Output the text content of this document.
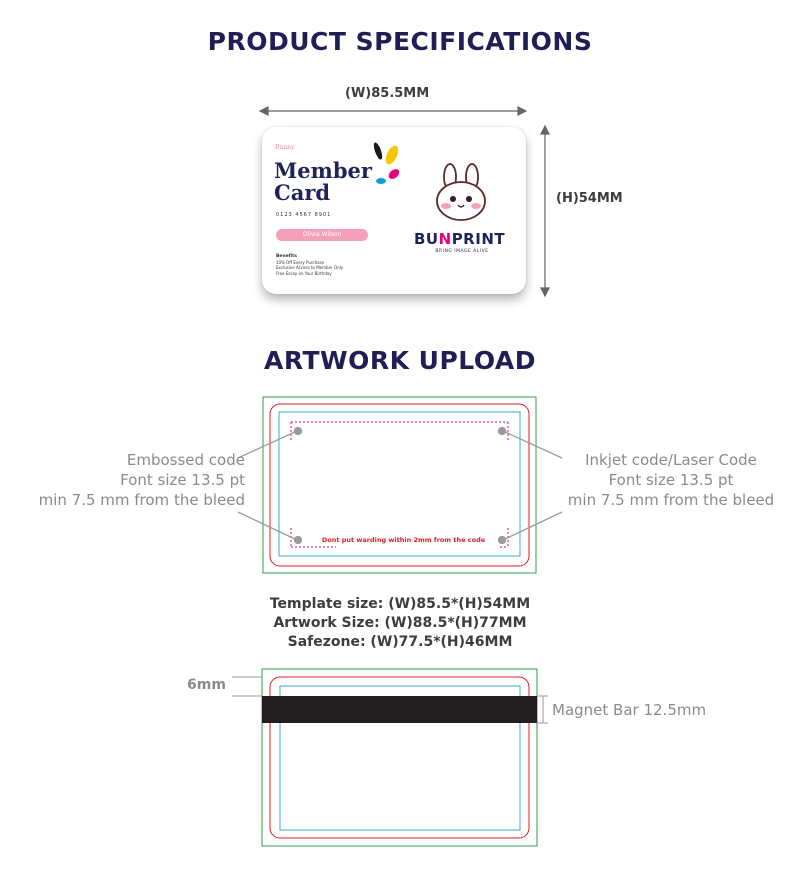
PRODUCT SPECIFICATIONS
ARTWORK UPLOAD
(W)85.5MM
(H)54MM
Bunny
Member
Card
0123 4567 8901
Olivia Wilson
Benefits
10% Off Every Purchase
Exclusive Access to Member Only
Free Essay on Your Birthday
BUNPRINT
BRING IMAGE ALIVE
Dont put warding within 2mm from the code
Embossed code
Font size 13.5 pt
min 7.5 mm from the bleed
Inkjet code/Laser Code
Font size 13.5 pt
min 7.5 mm from the bleed
Template size: (W)85.5*(H)54MM
Artwork Size: (W)88.5*(H)77MM
Safezone: (W)77.5*(H)46MM
6mm
Magnet Bar 12.5mm
